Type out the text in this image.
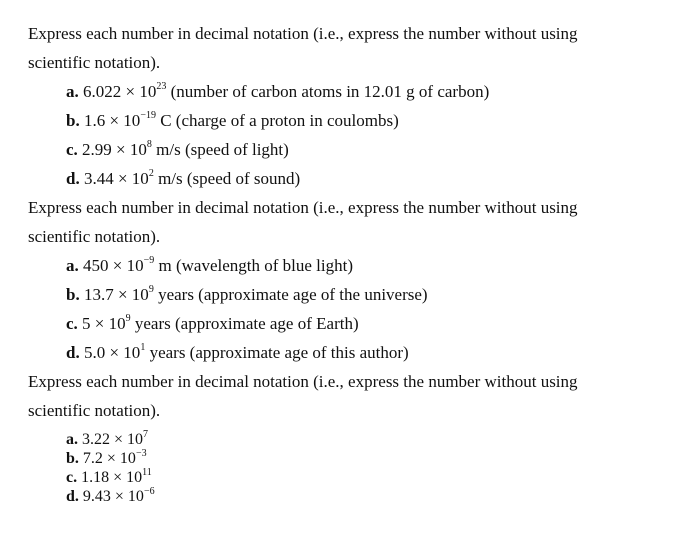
Express each number in decimal notation (i.e., express the number without using
scientific notation).
a. $6.022 \times 10^{23}$ (number of carbon atoms in 12.01 g of carbon)
b. $1.6 \times 10^{-19}$ C (charge of a proton in coulombs)
c. $2.99 \times 10^8$ m/s (speed of light)
d. $3.44 \times 10^2$ m/s (speed of sound)
Express each number in decimal notation (i.e., express the number without using
scientific notation).
a. $450 \times 10^{-9}$ m (wavelength of blue light)
b. $13.7 \times 10^9$ years (approximate age of the universe)
c. $5 \times 10^9$ years (approximate age of Earth)
d. $5.0 \times 10^1$ years (approximate age of this author)
Express each number in decimal notation (i.e., express the number without using
scientific notation).
a. $3.22 \times 10^7$
b. $7.2 \times 10^{-3}$
c. $1.18 \times 10^{11}$
d. $9.43 \times 10^{-6}$
